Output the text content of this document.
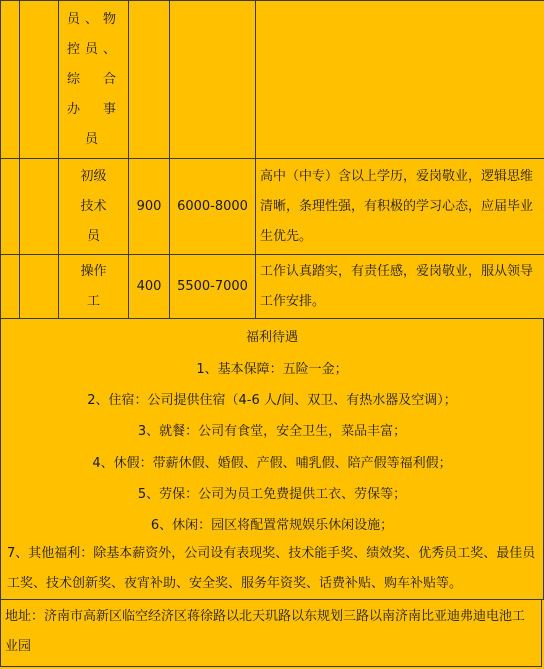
		员、物
控员、
综　合
办　事
员			

		初级
技术
员	900	6000-8000	高中（中专）含以上学历，爱岗敬业，逻辑思维清晰，条理性强，有积极的学习心态，应届毕业生优先。

		操作
工	400	5500-7000	工作认真踏实，有责任感，爱岗敬业，服从领导工作安排。
福利待遇
1、基本保障：五险一金；
2、住宿：公司提供住宿（4-6 人/间、双卫、有热水器及空调）；
3、就餐：公司有食堂，安全卫生，菜品丰富；
4、休假：带薪休假、婚假、产假、哺乳假、陪产假等福利假；
5、劳保：公司为员工免费提供工衣、劳保等；
6、休闲：园区将配置常规娱乐休闲设施；
7、其他福利：除基本薪资外，公司设有表现奖、技术能手奖、绩效奖、优秀员工奖、最佳员工奖、技术创新奖、夜宵补助、安全奖、服务年资奖、话费补贴、购车补贴等。
地址：济南市高新区临空经济区蒋徐路以北天玑路以东规划三路以南济南比亚迪弗迪电池工业园
